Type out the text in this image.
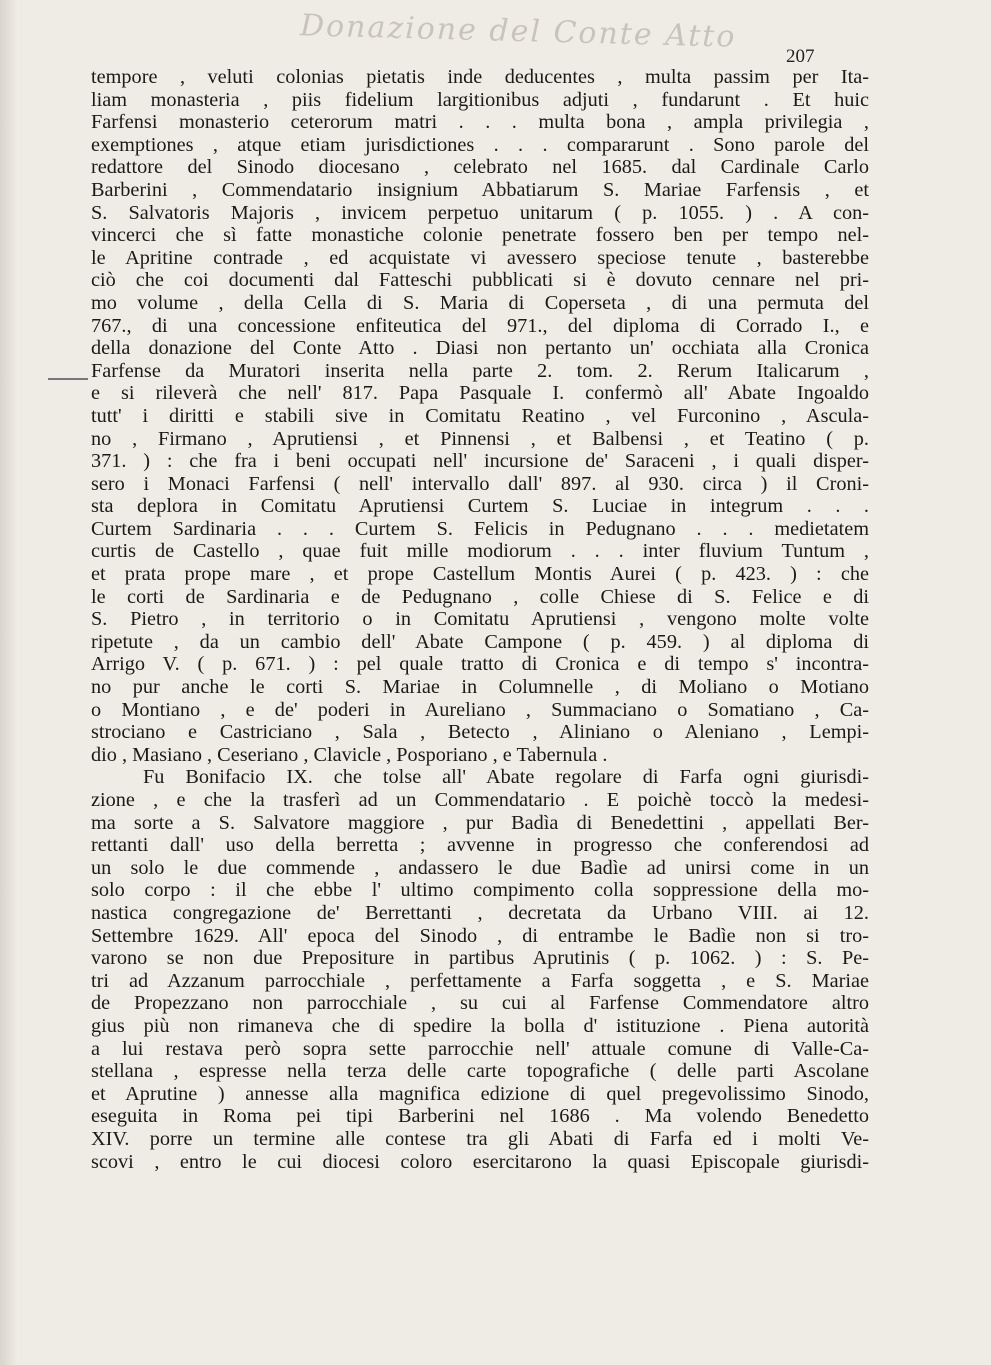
Donazione del Conte Atto
207
tempore , veluti colonias pietatis inde deducentes , multa passim per Ita-
liam monasteria , piis fidelium largitionibus adjuti , fundarunt . Et huic
Farfensi monasterio ceterorum matri . . . multa bona , ampla privilegia ,
exemptiones , atque etiam jurisdictiones . . . compararunt . Sono parole del
redattore del Sinodo diocesano , celebrato nel 1685. dal Cardinale Carlo
Barberini , Commendatario insignium Abbatiarum S. Mariae Farfensis , et
S. Salvatoris Majoris , invicem perpetuo unitarum ( p. 1055. ) . A con-
vincerci che sì fatte monastiche colonie penetrate fossero ben per tempo nel-
le Apritine contrade , ed acquistate vi avessero speciose tenute , basterebbe
ciò che coi documenti dal Fatteschi pubblicati si è dovuto cennare nel pri-
mo volume , della Cella di S. Maria di Coperseta , di una permuta del
767., di una concessione enfiteutica del 971., del diploma di Corrado I., e
della donazione del Conte Atto . Diasi non pertanto un' occhiata alla Cronica
Farfense da Muratori inserita nella parte 2. tom. 2. Rerum Italicarum ,
e si rileverà che nell' 817. Papa Pasquale I. confermò all' Abate Ingoaldo
tutt' i diritti e stabili sive in Comitatu Reatino , vel Furconino , Ascula-
no , Firmano , Aprutiensi , et Pinnensi , et Balbensi , et Teatino ( p.
371. ) : che fra i beni occupati nell' incursione de' Saraceni , i quali disper-
sero i Monaci Farfensi ( nell' intervallo dall' 897. al 930. circa ) il Croni-
sta deplora in Comitatu Aprutiensi Curtem S. Luciae in integrum . . .
Curtem Sardinaria . . . Curtem S. Felicis in Pedugnano . . . medietatem
curtis de Castello , quae fuit mille modiorum . . . inter fluvium Tuntum ,
et prata prope mare , et prope Castellum Montis Aurei ( p. 423. ) : che
le corti de Sardinaria e de Pedugnano , colle Chiese di S. Felice e di
S. Pietro , in territorio o in Comitatu Aprutiensi , vengono molte volte
ripetute , da un cambio dell' Abate Campone ( p. 459. ) al diploma di
Arrigo V. ( p. 671. ) : pel quale tratto di Cronica e di tempo s' incontra-
no pur anche le corti S. Mariae in Columnelle , di Moliano o Motiano
o Montiano , e de' poderi in Aureliano , Summaciano o Somatiano , Ca-
strociano e Castriciano , Sala , Betecto , Aliniano o Aleniano , Lempi-
dio , Masiano , Ceseriano , Clavicle , Posporiano , e Tabernula .
Fu Bonifacio IX. che tolse all' Abate regolare di Farfa ogni giurisdi-
zione , e che la trasferì ad un Commendatario . E poichè toccò la medesi-
ma sorte a S. Salvatore maggiore , pur Badìa di Benedettini , appellati Ber-
rettanti dall' uso della berretta ; avvenne in progresso che conferendosi ad
un solo le due commende , andassero le due Badìe ad unirsi come in un
solo corpo : il che ebbe l' ultimo compimento colla soppressione della mo-
nastica congregazione de' Berrettanti , decretata da Urbano VIII. ai 12.
Settembre 1629. All' epoca del Sinodo , di entrambe le Badìe non si tro-
varono se non due Prepositure in partibus Aprutinis ( p. 1062. ) : S. Pe-
tri ad Azzanum parrocchiale , perfettamente a Farfa soggetta , e S. Mariae
de Propezzano non parrocchiale , su cui al Farfense Commendatore altro
gius più non rimaneva che di spedire la bolla d' istituzione . Piena autorità
a lui restava però sopra sette parrocchie nell' attuale comune di Valle-Ca-
stellana , espresse nella terza delle carte topografiche ( delle parti Ascolane
et Aprutine ) annesse alla magnifica edizione di quel pregevolissimo Sinodo,
eseguita in Roma pei tipi Barberini nel 1686 . Ma volendo Benedetto
XIV. porre un termine alle contese tra gli Abati di Farfa ed i molti Ve-
scovi , entro le cui diocesi coloro esercitarono la quasi Episcopale giurisdi-
